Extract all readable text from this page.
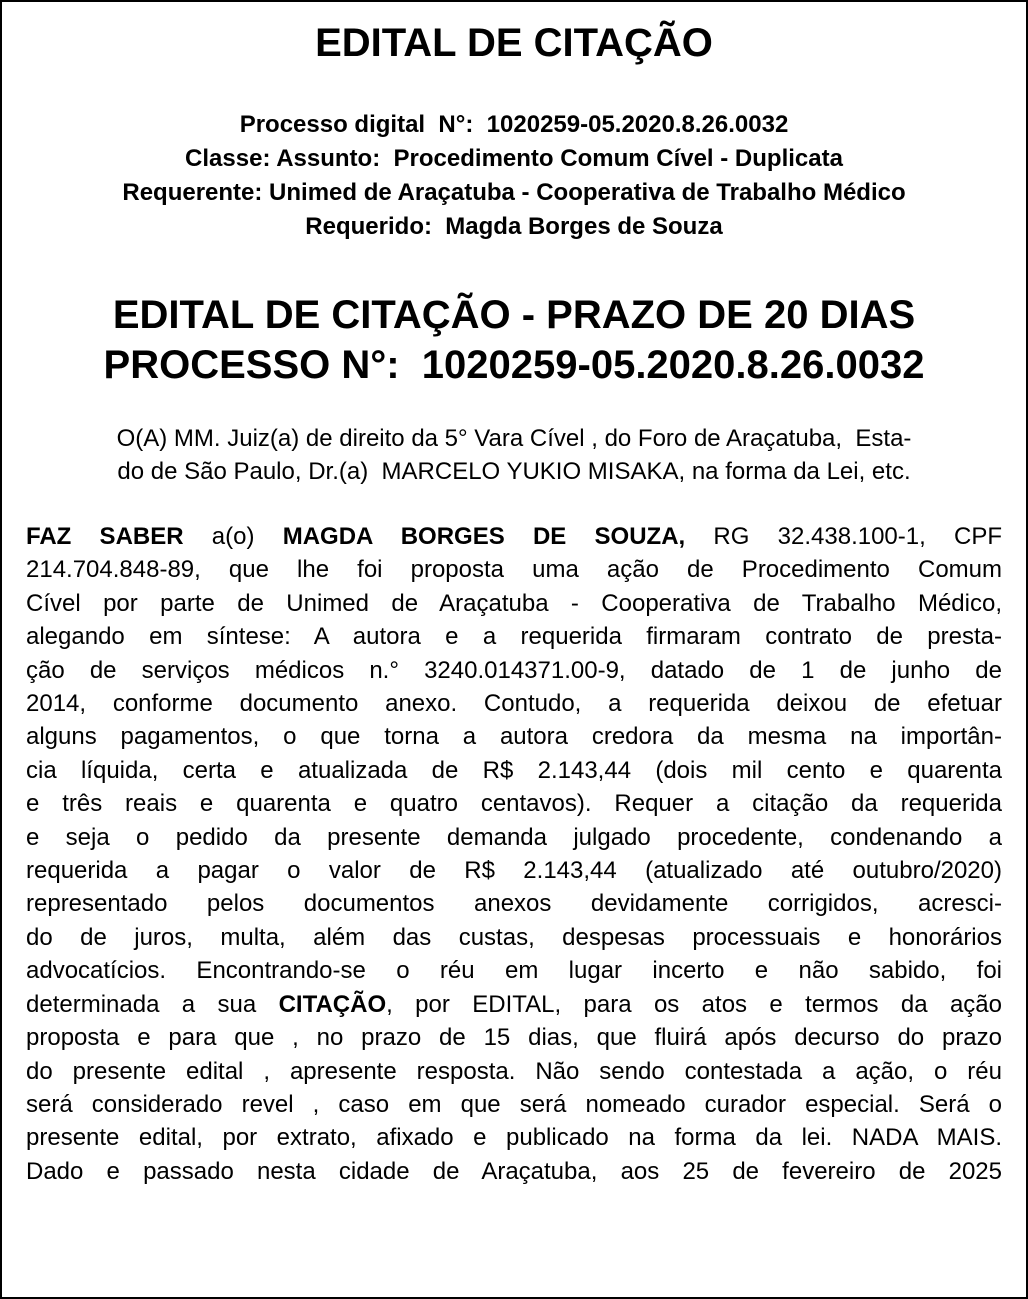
EDITAL DE CITAÇÃO
Processo digital  N°:  1020259-05.2020.8.26.0032
Classe: Assunto:  Procedimento Comum Cível - Duplicata
Requerente: Unimed de Araçatuba - Cooperativa de Trabalho Médico
Requerido:  Magda Borges de Souza
EDITAL DE CITAÇÃO - PRAZO DE 20 DIAS
PROCESSO N°:  1020259-05.2020.8.26.0032
O(A) MM. Juiz(a) de direito da 5° Vara Cível , do Foro de Araçatuba,  Esta-
do de São Paulo, Dr.(a)  MARCELO YUKIO MISAKA, na forma da Lei, etc.
FAZ SABER a(o) MAGDA BORGES DE SOUZA, RG 32.438.100-1, CPF
214.704.848-89, que lhe foi proposta uma ação de Procedimento Comum
Cível por parte de Unimed de Araçatuba - Cooperativa de Trabalho Médico,
alegando em síntese: A autora e a requerida firmaram contrato de presta-
ção de serviços médicos n.° 3240.014371.00-9, datado de 1 de junho de
2014, conforme documento anexo. Contudo, a requerida deixou de efetuar
alguns pagamentos, o que torna a autora credora da mesma na importân-
cia líquida, certa e atualizada de R$ 2.143,44 (dois mil cento e quarenta
e três reais e quarenta e quatro centavos). Requer a citação da requerida
e seja o pedido da presente demanda julgado procedente, condenando a
requerida a pagar o valor de R$ 2.143,44 (atualizado até outubro/2020)
representado pelos documentos anexos devidamente corrigidos, acresci-
do de juros, multa, além das custas, despesas processuais e honorários
advocatícios. Encontrando-se o réu em lugar incerto e não sabido, foi
determinada a sua CITAÇÃO, por EDITAL, para os atos e termos da ação
proposta e para que , no prazo de 15 dias, que fluirá após decurso do prazo
do presente edital , apresente resposta. Não sendo contestada a ação, o réu
será considerado revel , caso em que será nomeado curador especial. Será o
presente edital, por extrato, afixado e publicado na forma da lei. NADA MAIS.
Dado e passado nesta cidade de Araçatuba, aos 25 de fevereiro de 2025
